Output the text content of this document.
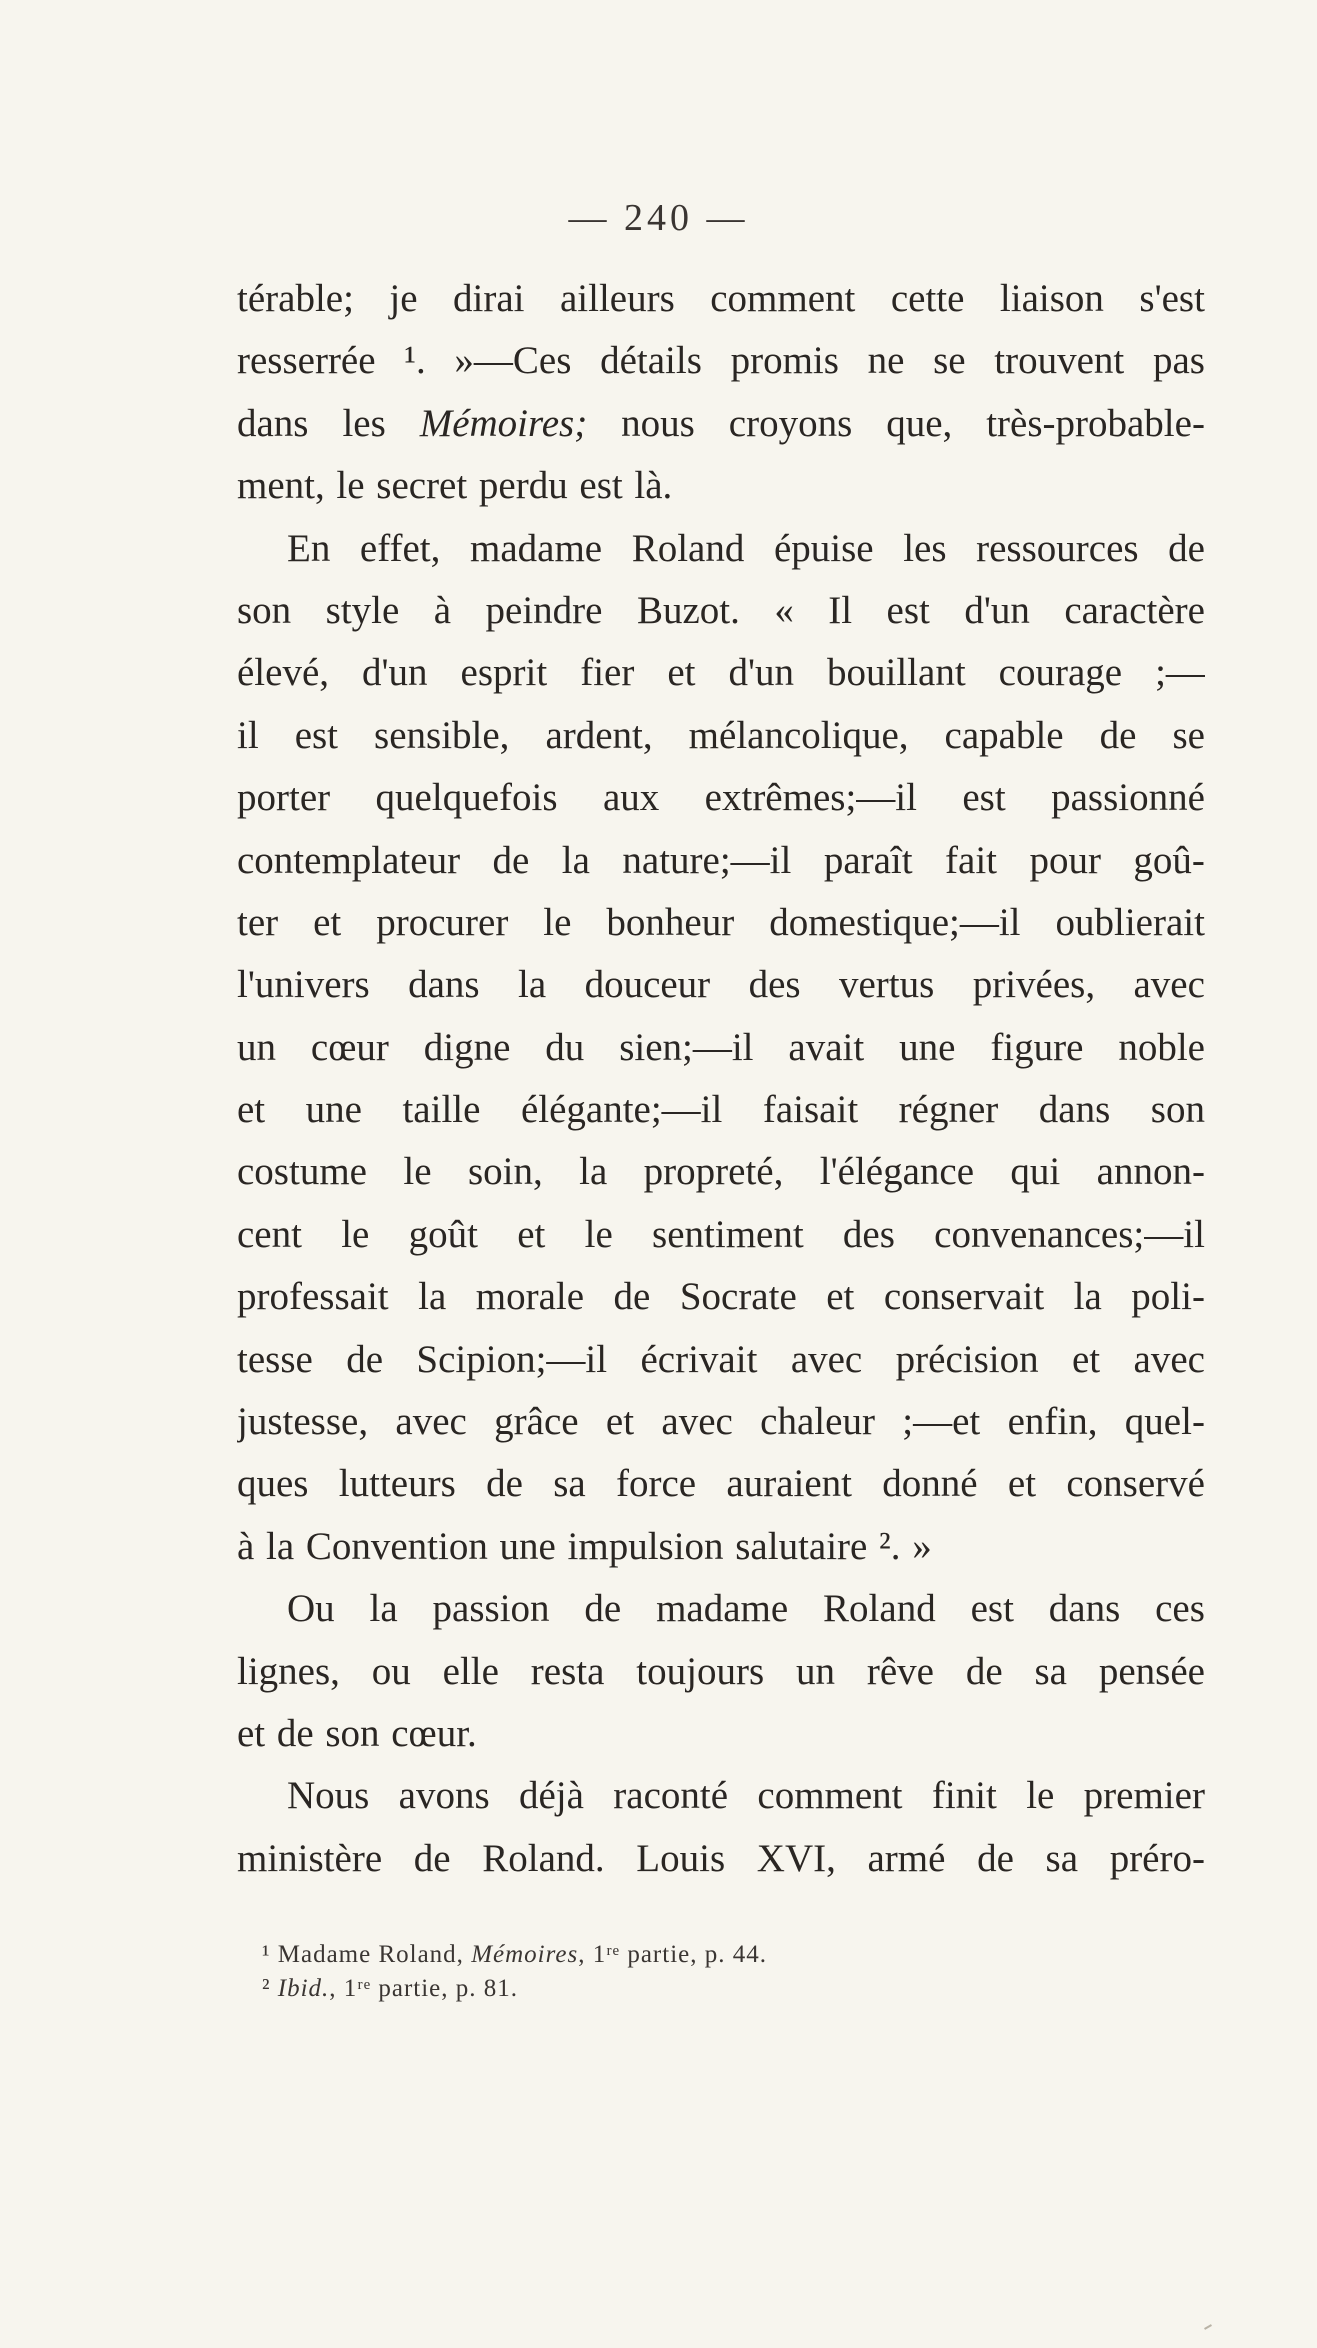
— 240 —
térable; je dirai ailleurs comment cette liaison s'est
resserrée ¹. »—Ces détails promis ne se trouvent pas
dans les Mémoires; nous croyons que, très-probable-
ment, le secret perdu est là.
En effet, madame Roland épuise les ressources de
son style à peindre Buzot. « Il est d'un caractère
élevé, d'un esprit fier et d'un bouillant courage ;—
il est sensible, ardent, mélancolique, capable de se
porter quelquefois aux extrêmes;—il est passionné
contemplateur de la nature;—il paraît fait pour goû-
ter et procurer le bonheur domestique;—il oublierait
l'univers dans la douceur des vertus privées, avec
un cœur digne du sien;—il avait une figure noble
et une taille élégante;—il faisait régner dans son
costume le soin, la propreté, l'élégance qui annon-
cent le goût et le sentiment des convenances;—il
professait la morale de Socrate et conservait la poli-
tesse de Scipion;—il écrivait avec précision et avec
justesse, avec grâce et avec chaleur ;—et enfin, quel-
ques lutteurs de sa force auraient donné et conservé
à la Convention une impulsion salutaire ². »
Ou la passion de madame Roland est dans ces
lignes, ou elle resta toujours un rêve de sa pensée
et de son cœur.
Nous avons déjà raconté comment finit le premier
ministère de Roland. Louis XVI, armé de sa préro-
¹ Madame Roland, Mémoires, 1ʳᵉ partie, p. 44.
² Ibid., 1ʳᵉ partie, p. 81.
